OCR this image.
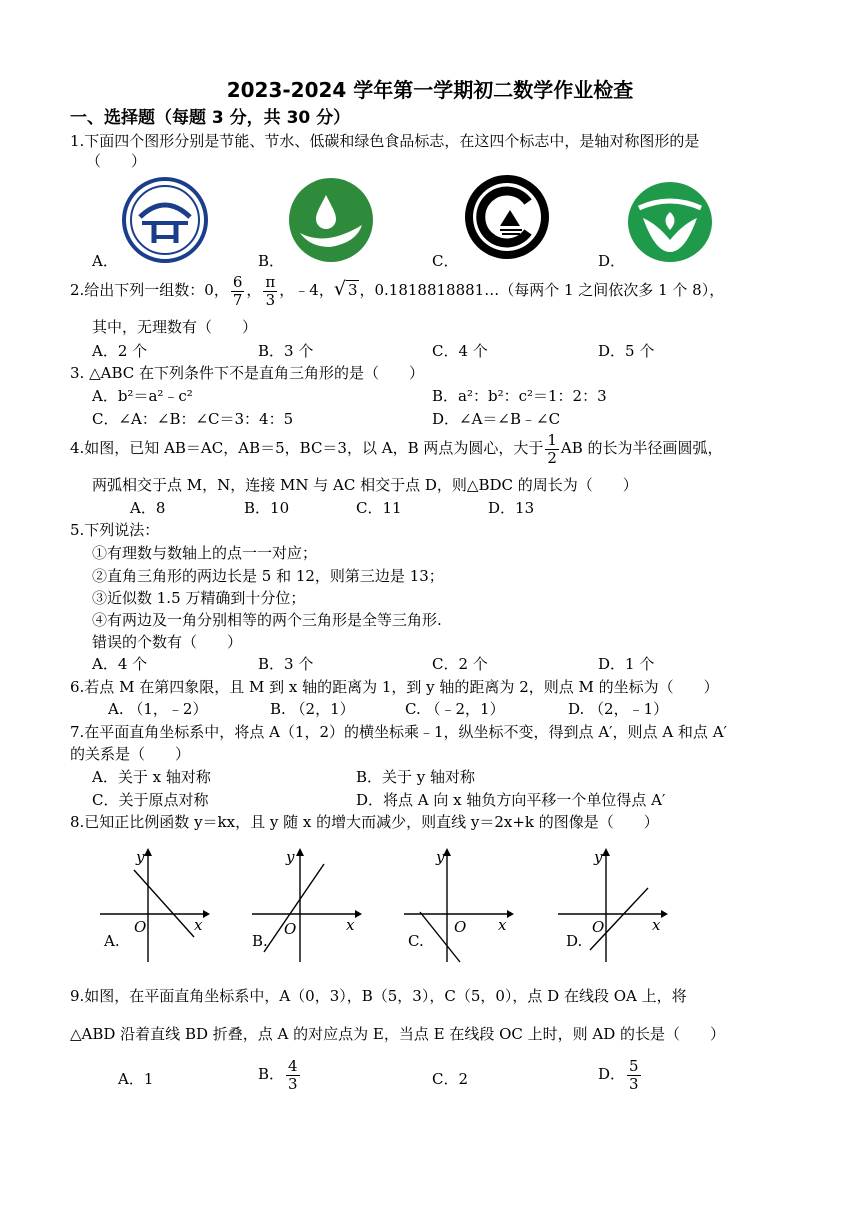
2023-2024 学年第一学期初二数学作业检查
一、选择题（每题 3 分，共 30 分）
1.下面四个图形分别是节能、节水、低碳和绿色食品标志，在这四个标志中，是轴对称图形的是
（　　）
A．	B．	C．	D．
2.给出下列一组数：0， $\frac{6}{7}$ ， $\frac{\pi}{3}$ ，﹣4，√ 3 ，0.1818818881…（每两个 1 之间依次多 1 个 8），
其中，无理数有（　　）
A．2 个	B．3 个	C．4 个	D．5 个
3. △ABC 在下列条件下不是直角三角形的是（　　）
A．b²＝a²﹣c²	B．a²：b²：c²＝1：2：3
C．∠A：∠B：∠C＝3：4：5	D．∠A＝∠B﹣∠C
4.如图，已知 AB＝AC，AB＝5，BC＝3，以 A，B 两点为圆心，大于 $\frac{1}{2}$ AB 的长为半径画圆弧，
两弧相交于点 M，N，连接 MN 与 AC 相交于点 D，则△BDC 的周长为（　　）
A．8	B．10	C．11	D．13
5.下列说法：
①有理数与数轴上的点一一对应；
②直角三角形的两边长是 5 和 12，则第三边是 13；
③近似数 1.5 万精确到十分位；
④有两边及一角分别相等的两个三角形是全等三角形.
错误的个数有（　　）
A．4 个	B．3 个	C．2 个	D．1 个
6.若点 M 在第四象限，且 M 到 x 轴的距离为 1，到 y 轴的距离为 2，则点 M 的坐标为（　　）
A. （1，﹣2）	B. （2，1）	C. （﹣2，1）	D. （2，﹣1）
7.在平面直角坐标系中，将点 A（1，2）的横坐标乘﹣1，纵坐标不变，得到点 A′，则点 A 和点 A′
的关系是（　　）
A．关于 x 轴对称	B．关于 y 轴对称
C．关于原点对称	D．将点 A 向 x 轴负方向平移一个单位得点 A′
8.已知正比例函数 y＝kx，且 y 随 x 的增大而减少，则直线 y＝2x+k 的图像是（　　）
y
x
O
A.
y
x
O
B.
y
x
O
C.
y
x
O
D.
9.如图，在平面直角坐标系中，A（0，3），B（5，3），C（5，0），点 D 在线段 OA 上，将
△ABD 沿着直线 BD 折叠，点 A 的对应点为 E，当点 E 在线段 OC 上时，则 AD 的长是（　　）
A．1	B． $\frac{4}{3}$	C．2	D． $\frac{5}{3}$
